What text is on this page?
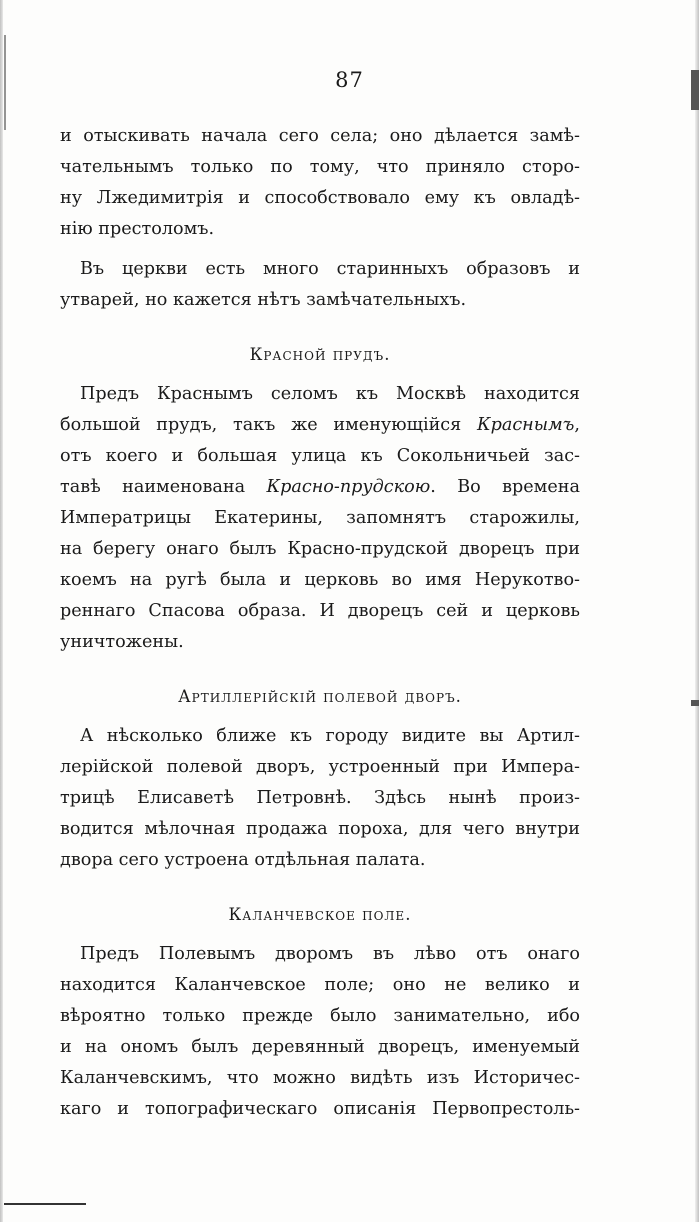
87
и отыскивать начала сего села; оно дѣлается замѣ-
чательнымъ только по тому, что приняло сторо-
ну Лжедимитрія и способствовало ему къ овладѣ-
нію престоломъ.
Въ церкви есть много старинныхъ образовъ и
утварей, но кажется нѣтъ замѣчательныхъ.
Красной прудъ.
Предъ Краснымъ селомъ къ Москвѣ находится
большой прудъ, такъ же именующійся Краснымъ,
отъ коего и большая улица къ Сокольничьей зас-
тавѣ наименована Красно-прудскою. Во времена
Императрицы Екатерины, запомнятъ старожилы,
на берегу онаго былъ Красно-прудской дворецъ при
коемъ на ругѣ была и церковь во имя Нерукотво-
реннаго Спасова образа. И дворецъ сей и церковь
уничтожены.
Артиллерійскій полевой дворъ.
А нѣсколько ближе къ городу видите вы Артил-
лерійской полевой дворъ, устроенный при Импера-
трицѣ Елисаветѣ Петровнѣ. Здѣсь нынѣ произ-
водится мѣлочная продажа пороха, для чего внутри
двора сего устроена отдѣльная палата.
Каланчевское поле.
Предъ Полевымъ дворомъ въ лѣво отъ онаго
находится Каланчевское поле; оно не велико и
вѣроятно только прежде было занимательно, ибо
и на ономъ былъ деревянный дворецъ, именуемый
Каланчевскимъ, что можно видѣть изъ Историчес-
каго и топографическаго описанія Первопрестоль-
